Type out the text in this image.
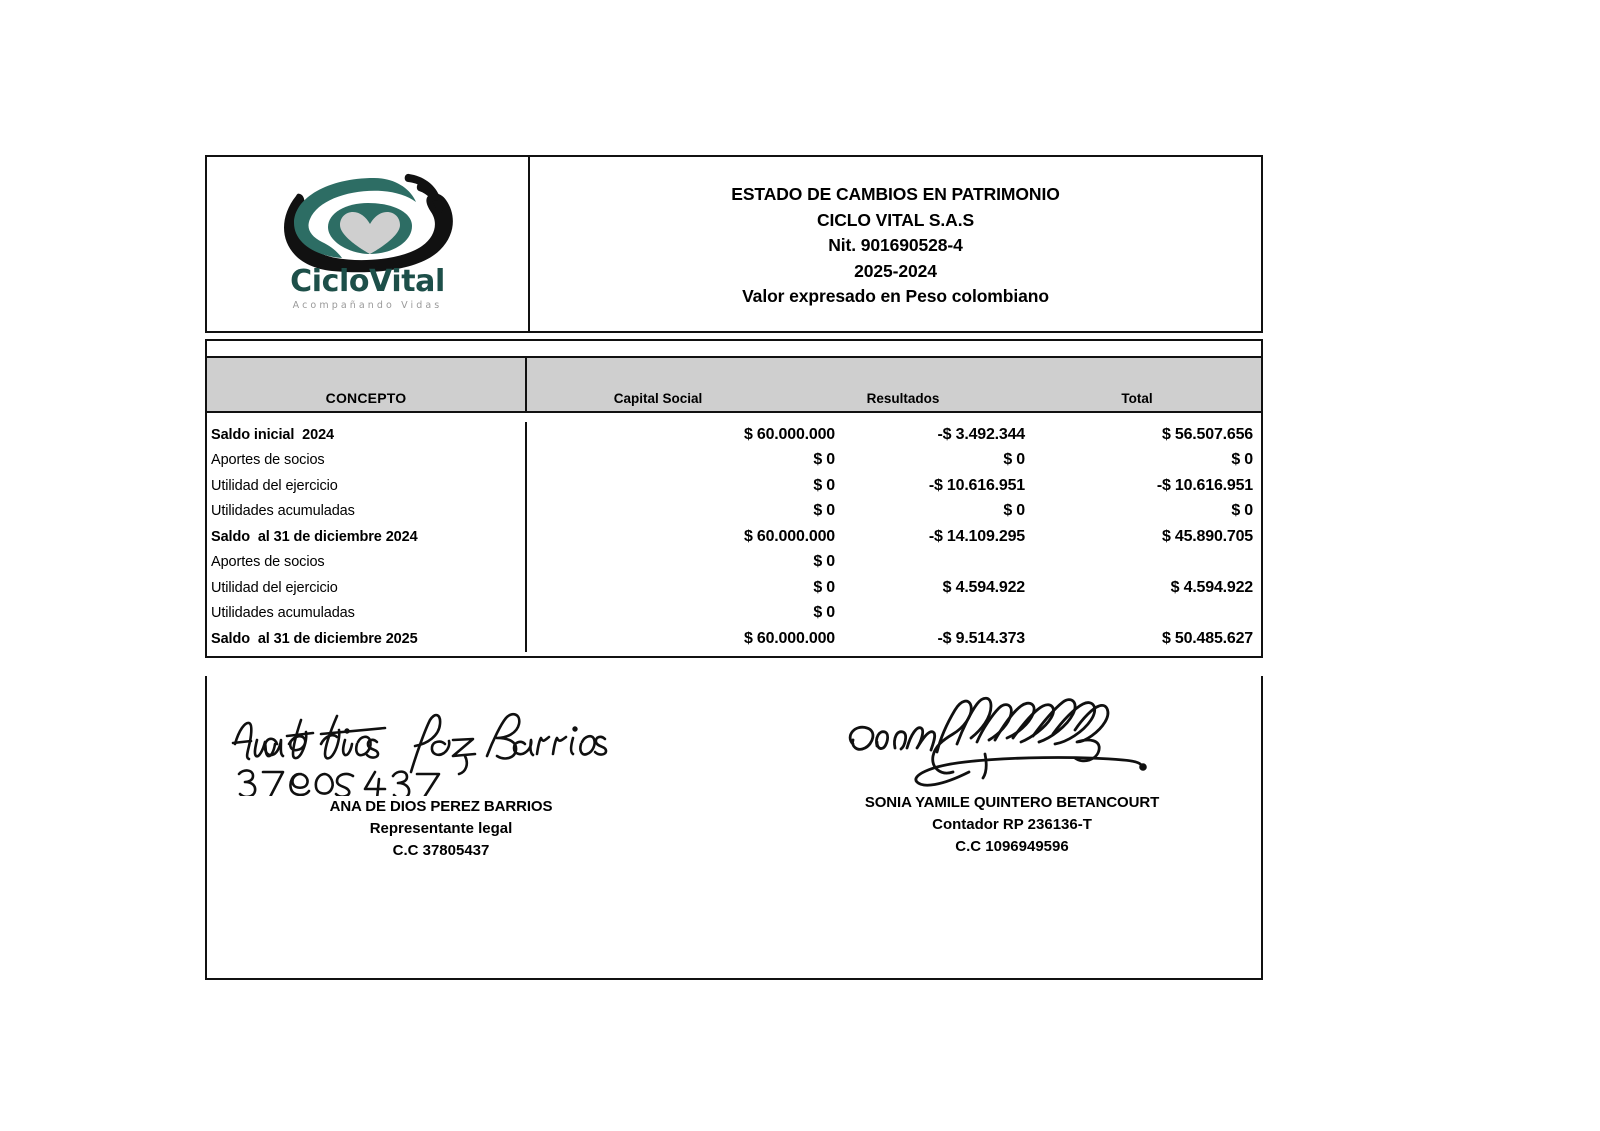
CicloVital
Acompañando Vidas
ESTADO DE CAMBIOS EN PATRIMONIO
CICLO VITAL S.A.S
Nit. 901690528-4
2025-2024
Valor expresado en Peso colombiano
CONCEPTO	Capital Social	Resultados	Total
Saldo inicial  2024	$ 60.000.000	-$ 3.492.344	$ 56.507.656
Aportes de socios	$ 0	$ 0	$ 0
Utilidad del ejercicio	$ 0	-$ 10.616.951	-$ 10.616.951
Utilidades acumuladas	$ 0	$ 0	$ 0
Saldo  al 31 de diciembre 2024	$ 60.000.000	-$ 14.109.295	$ 45.890.705
Aportes de socios	$ 0
Utilidad del ejercicio	$ 0	$ 4.594.922	$ 4.594.922
Utilidades acumuladas	$ 0
Saldo  al 31 de diciembre 2025	$ 60.000.000	-$ 9.514.373	$ 50.485.627
ANA DE DIOS PEREZ BARRIOS
Representante legal
C.C 37805437
SONIA YAMILE QUINTERO BETANCOURT
Contador RP 236136-T
C.C 1096949596
